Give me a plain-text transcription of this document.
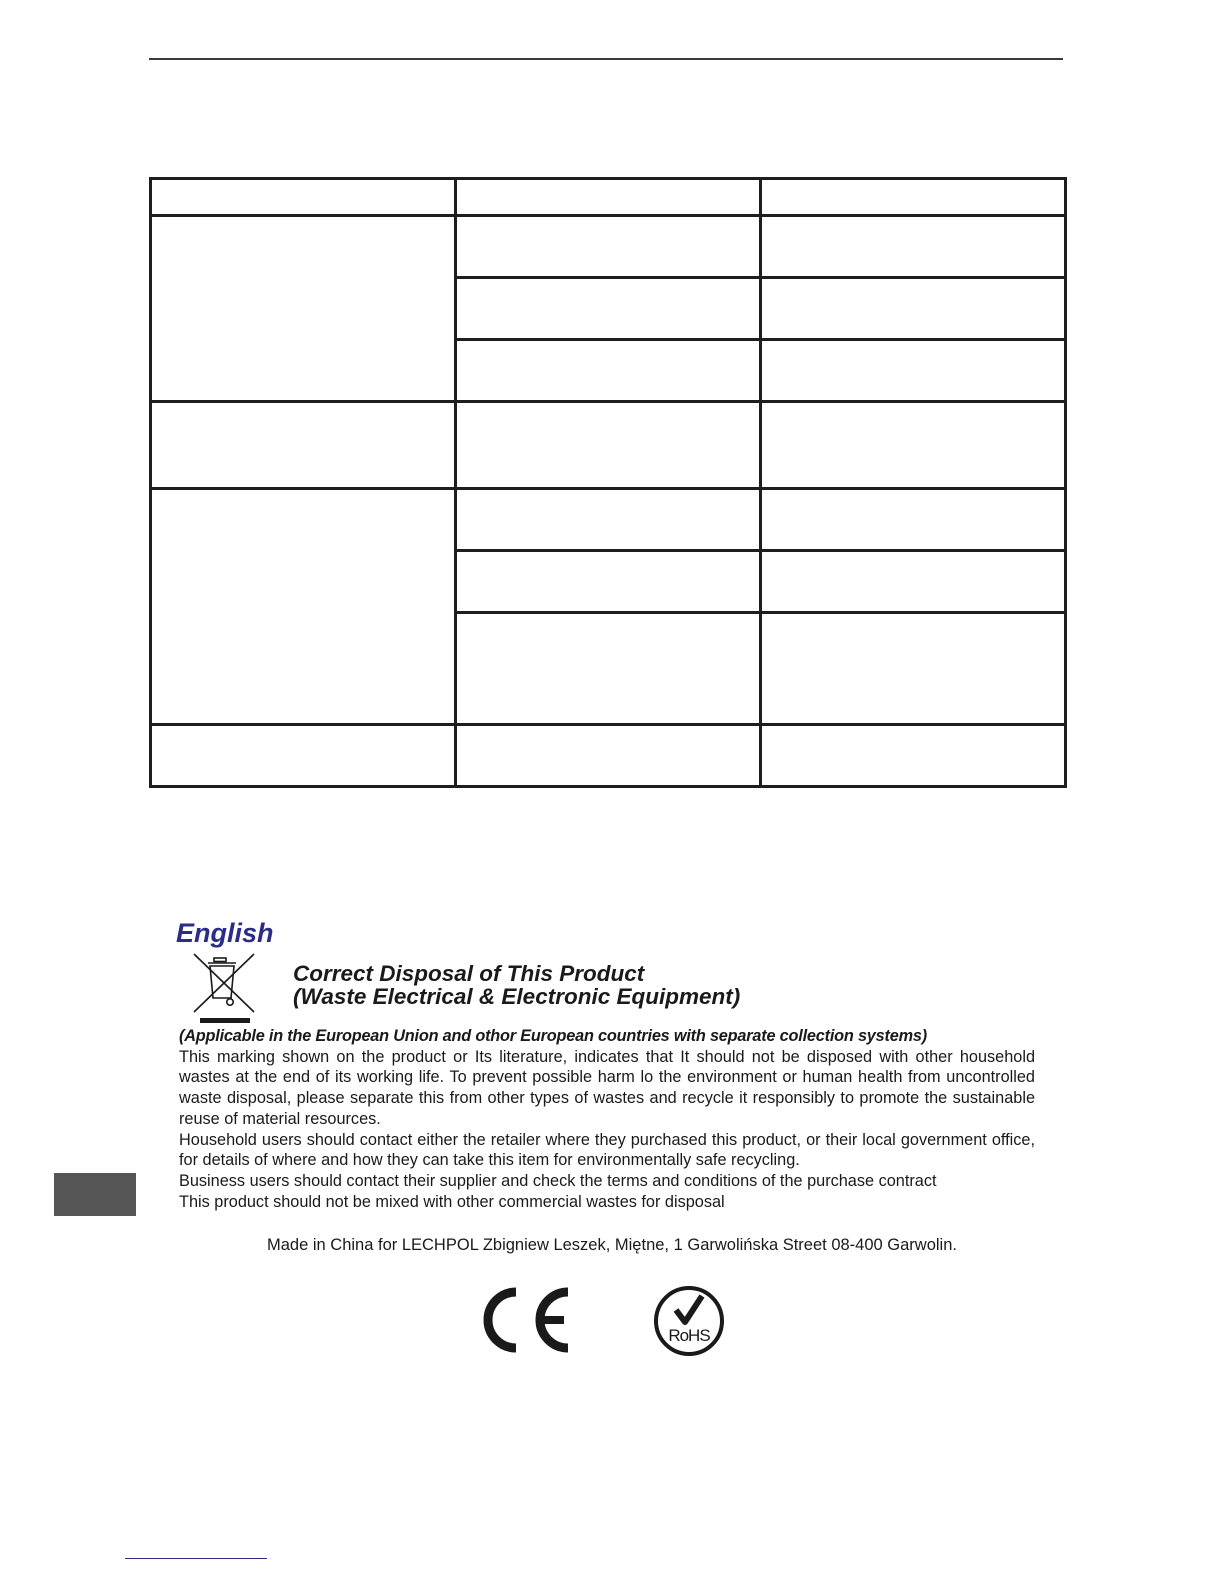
English
Correct Disposal of This Product
(Waste Electrical & Electronic Equipment)

(Applicable in the European Union and othor European countries with separate collection systems)

This marking shown on the product or Its literature, indicates that It should not be disposed with other household wastes at the end of its working life. To prevent possible harm lo the environment or human health from uncontrolled waste disposal, please separate this from other types of wastes and recycle it responsibly to promote the sustainable reuse of material resources.

Household users should contact either the retailer where they purchased this product, or their local government office, for details of where and how they can take this item for environmentally safe recycling.

Business users should contact their supplier and check the terms and conditions of the purchase contract

This product should not be mixed with other commercial wastes for disposal

Made in China for LECHPOL Zbigniew Leszek, Miętne, 1 Garwolińska Street 08-400 Garwolin.
RoHS
